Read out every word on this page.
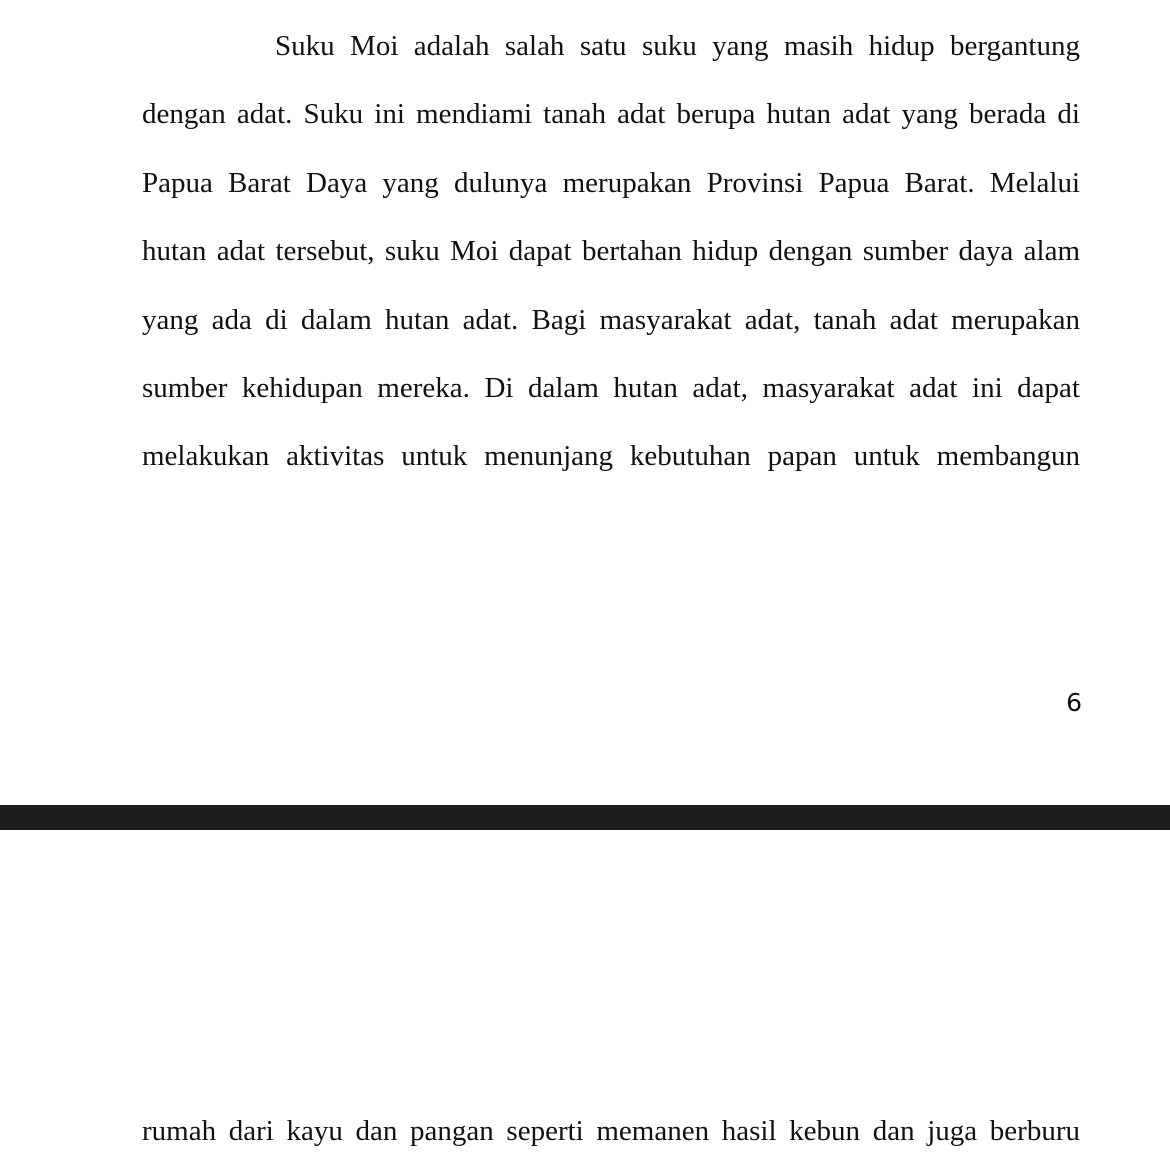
Suku Moi adalah salah satu suku yang masih hidup bergantung
dengan adat. Suku ini mendiami tanah adat berupa hutan adat yang berada di
Papua Barat Daya yang dulunya merupakan Provinsi Papua Barat. Melalui
hutan adat tersebut, suku Moi dapat bertahan hidup dengan sumber daya alam
yang ada di dalam hutan adat. Bagi masyarakat adat, tanah adat merupakan
sumber kehidupan mereka. Di dalam hutan adat, masyarakat adat ini dapat
melakukan aktivitas untuk menunjang kebutuhan papan untuk membangun
6
rumah dari kayu dan pangan seperti memanen hasil kebun dan juga berburu
